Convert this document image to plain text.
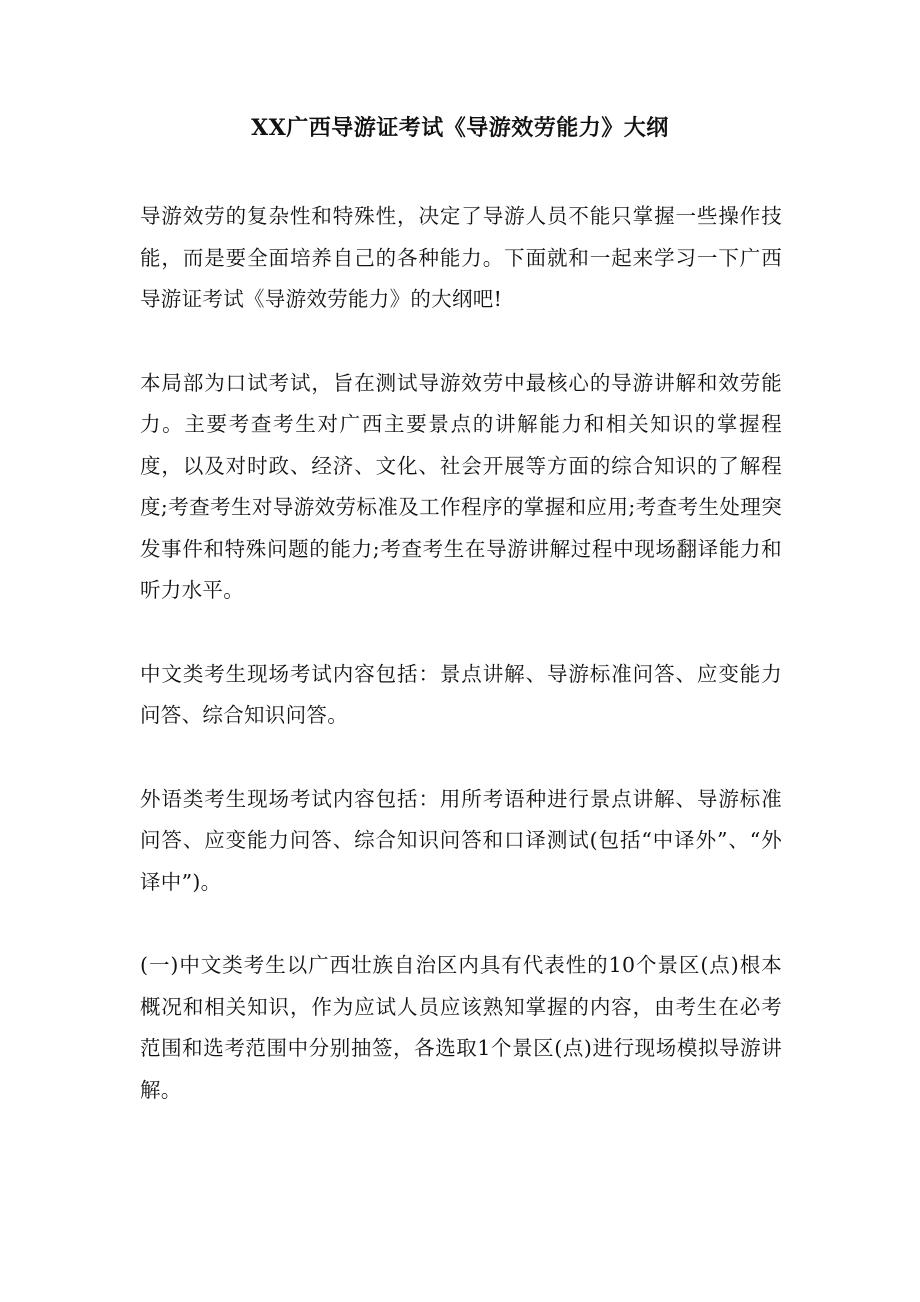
XX广西导游证考试《导游效劳能力》大纲

导游效劳的复杂性和特殊性，决定了导游人员不能只掌握一些操作技能，而是要全面培养自己的各种能力。下面就和一起来学习一下广西导游证考试《导游效劳能力》的大纲吧!

本局部为口试考试，旨在测试导游效劳中最核心的导游讲解和效劳能力。主要考查考生对广西主要景点的讲解能力和相关知识的掌握程度，以及对时政、经济、文化、社会开展等方面的综合知识的了解程度;考查考生对导游效劳标准及工作程序的掌握和应用;考查考生处理突发事件和特殊问题的能力;考查考生在导游讲解过程中现场翻译能力和听力水平。

中文类考生现场考试内容包括：景点讲解、导游标准问答、应变能力问答、综合知识问答。

外语类考生现场考试内容包括：用所考语种进行景点讲解、导游标准问答、应变能力问答、综合知识问答和口译测试(包括“中译外”、“外译中”)。

(一)中文类考生以广西壮族自治区内具有代表性的10个景区(点)根本概况和相关知识，作为应试人员应该熟知掌握的内容，由考生在必考范围和选考范围中分别抽签，各选取1个景区(点)进行现场模拟导游讲解。
